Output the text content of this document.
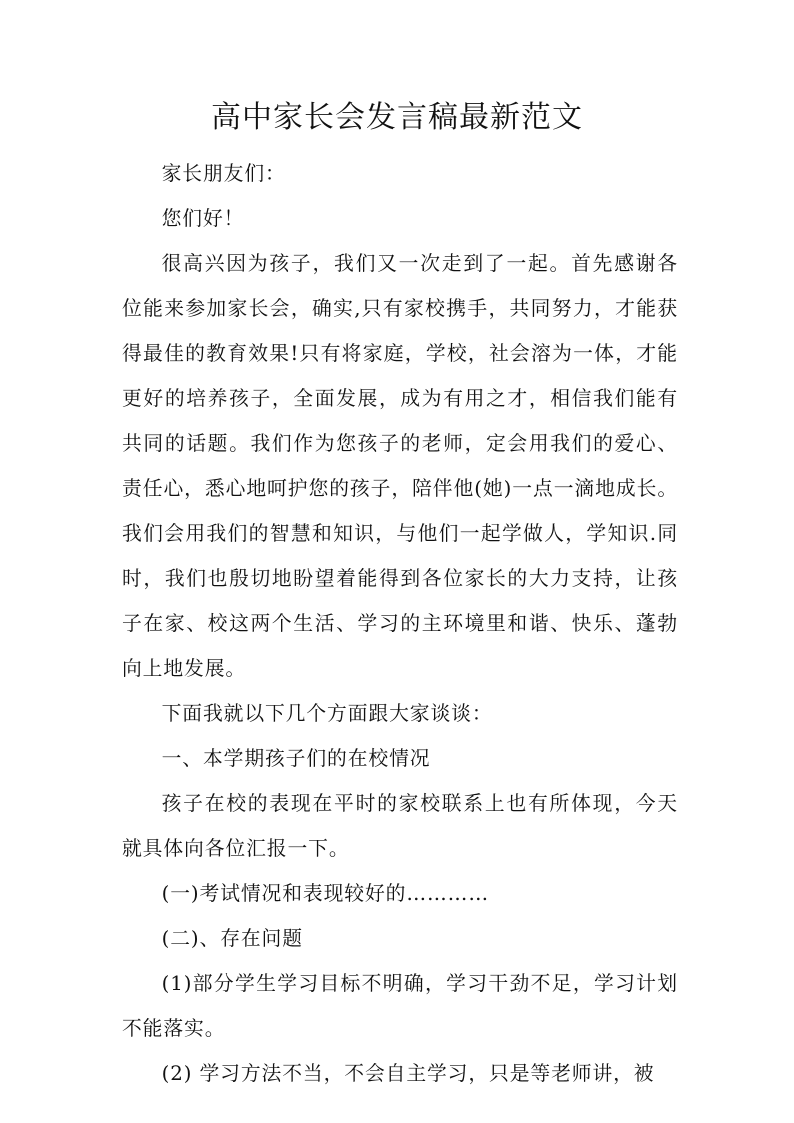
高中家长会发言稿最新范文

家长朋友们：

您们好！

很高兴因为孩子，我们又一次走到了一起。首先感谢各位能来参加家长会，确实,只有家校携手，共同努力，才能获得最佳的教育效果!只有将家庭，学校，社会溶为一体，才能更好的培养孩子，全面发展，成为有用之才，相信我们能有共同的话题。我们作为您孩子的老师，定会用我们的爱心、责任心，悉心地呵护您的孩子，陪伴他(她)一点一滴地成长。我们会用我们的智慧和知识，与他们一起学做人，学知识.同时，我们也殷切地盼望着能得到各位家长的大力支持，让孩子在家、校这两个生活、学习的主环境里和谐、快乐、蓬勃向上地发展。

下面我就以下几个方面跟大家谈谈：

一、本学期孩子们的在校情况

孩子在校的表现在平时的家校联系上也有所体现，今天就具体向各位汇报一下。

(一)考试情况和表现较好的…………

(二)、存在问题

(1)部分学生学习目标不明确，学习干劲不足，学习计划不能落实。

(2) 学习方法不当，不会自主学习，只是等老师讲，被
